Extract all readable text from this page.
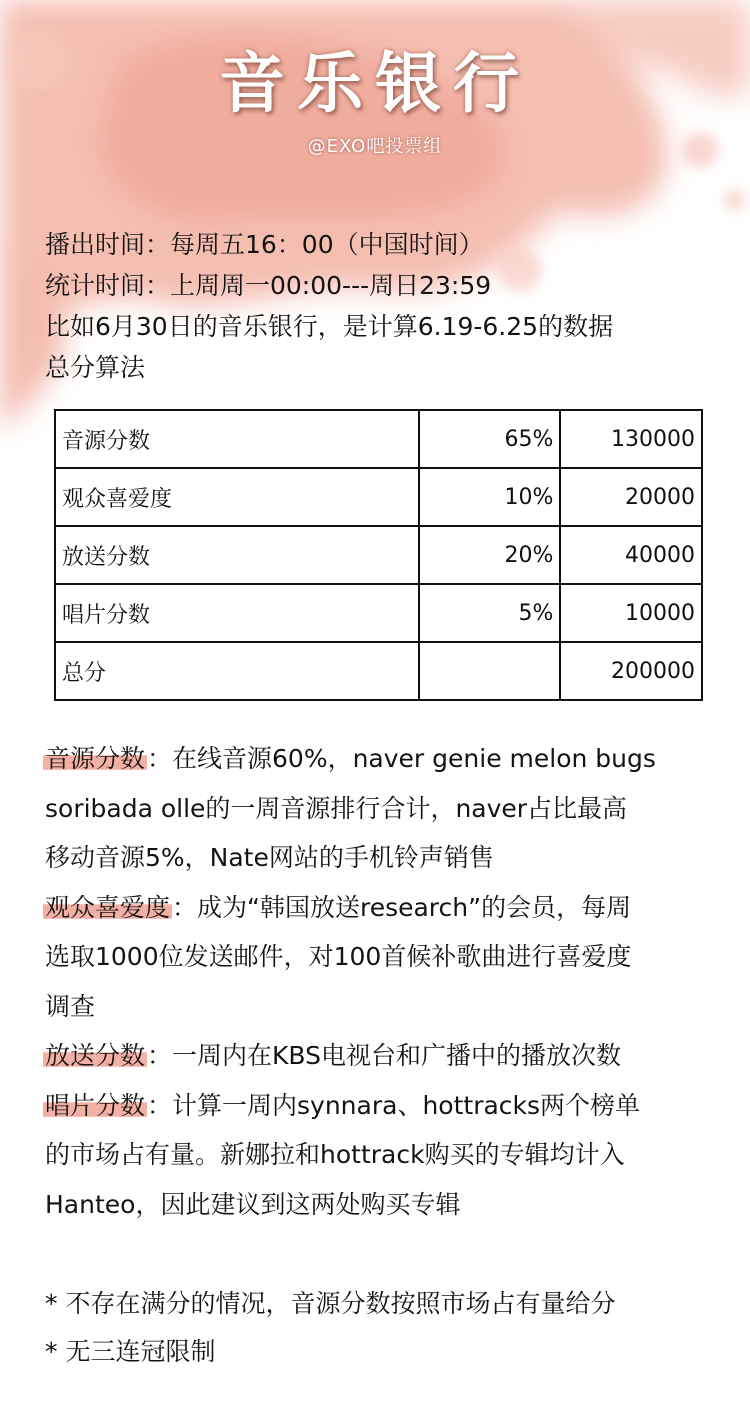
音乐银行
@EXO吧投票组
播出时间：每周五16：00（中国时间）
统计时间：上周周一00:00---周日23:59
比如6月30日的音乐银行，是计算6.19-6.25的数据
总分算法
音源分数	65%	130000
观众喜爱度	10%	20000
放送分数	20%	40000
唱片分数	5%	10000
总分		200000
音源分数：在线音源60%，naver genie melon bugs
soribada olle的一周音源排行合计，naver占比最高
移动音源5%，Nate网站的手机铃声销售
观众喜爱度：成为“韩国放送research”的会员，每周
选取1000位发送邮件，对100首候补歌曲进行喜爱度
调查
放送分数：一周内在KBS电视台和广播中的播放次数
唱片分数：计算一周内synnara、hottracks两个榜单
的市场占有量。新娜拉和hottrack购买的专辑均计入
Hanteo，因此建议到这两处购买专辑
* 不存在满分的情况，音源分数按照市场占有量给分
* 无三连冠限制
